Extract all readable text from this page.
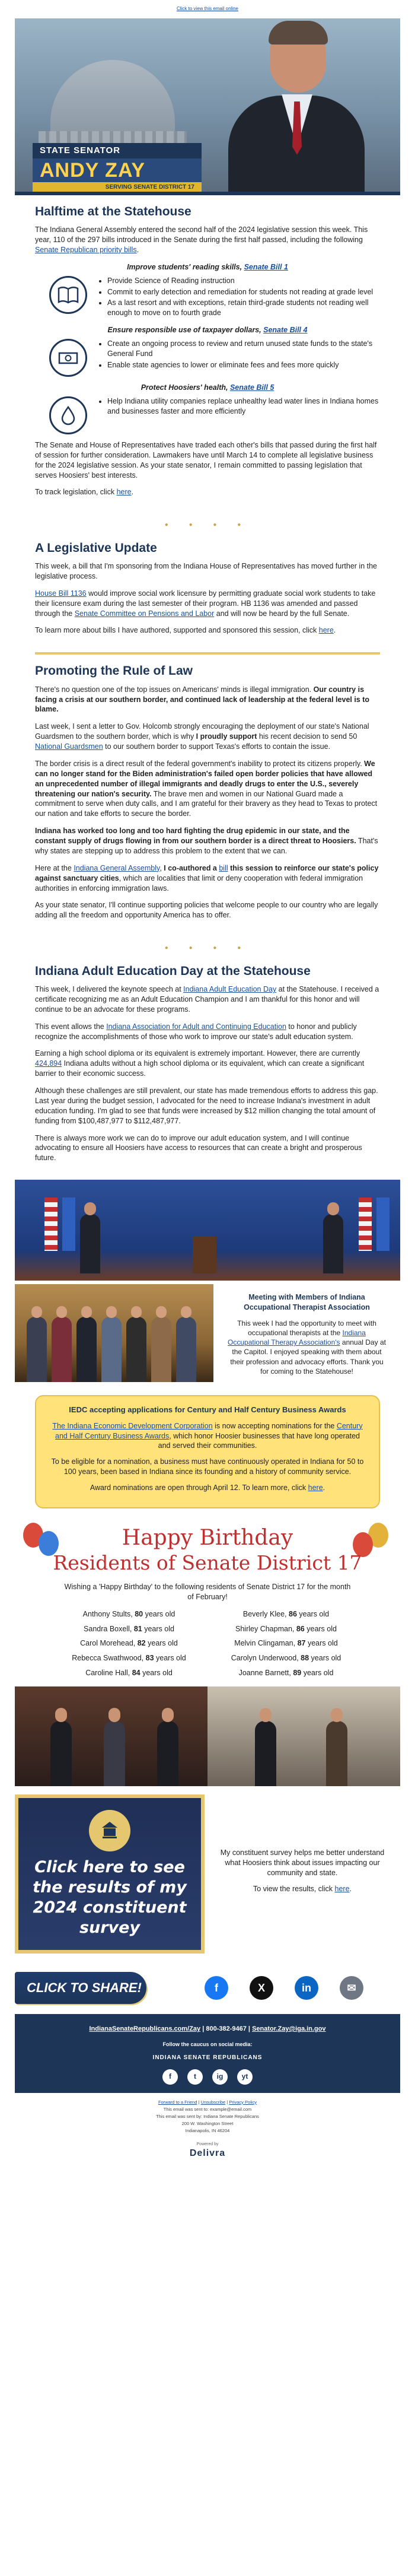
Click to view this email online
STATE SENATOR
ANDY ZAY
SERVING SENATE DISTRICT 17
Halftime at the Statehouse

The Indiana General Assembly entered the second half of the 2024 legislative session this week. This year, 110 of the 297 bills introduced in the Senate during the first half passed, including the following Senate Republican priority bills.

Improve students' reading skills, Senate Bill 1
• Provide Science of Reading instruction
• Commit to early detection and remediation for students not reading at grade level
• As a last resort and with exceptions, retain third-grade students not reading well enough to move on to fourth grade
Ensure responsible use of taxpayer dollars, Senate Bill 4
• Create an ongoing process to review and return unused state funds to the state's General Fund
• Enable state agencies to lower or eliminate fees and fees more quickly
Protect Hoosiers' health, Senate Bill 5
• Help Indiana utility companies replace unhealthy lead water lines in Indiana homes and businesses faster and more efficiently

The Senate and House of Representatives have traded each other's bills that passed during the first half of session for further consideration. Lawmakers have until March 14 to complete all legislative business for the 2024 legislative session. As your state senator, I remain committed to passing legislation that serves Hoosiers' best interests.

To track legislation, click here.

● ● ● ●
A Legislative Update

This week, a bill that I'm sponsoring from the Indiana House of Representatives has moved further in the legislative process.

House Bill 1136 would improve social work licensure by permitting graduate social work students to take their licensure exam during the last semester of their program. HB 1136 was amended and passed through the Senate Committee on Pensions and Labor and will now be heard by the full Senate.

To learn more about bills I have authored, supported and sponsored this session, click here.

Promoting the Rule of Law

There's no question one of the top issues on Americans' minds is illegal immigration. Our country is facing a crisis at our southern border, and continued lack of leadership at the federal level is to blame.

Last week, I sent a letter to Gov. Holcomb strongly encouraging the deployment of our state's National Guardsmen to the southern border, which is why I proudly support his recent decision to send 50 National Guardsmen to our southern border to support Texas's efforts to contain the issue.

The border crisis is a direct result of the federal government's inability to protect its citizens properly. We can no longer stand for the Biden administration's failed open border policies that have allowed an unprecedented number of illegal immigrants and deadly drugs to enter the U.S., severely threatening our nation's security. The brave men and women in our National Guard made a commitment to serve when duty calls, and I am grateful for their bravery as they head to Texas to protect our nation and take efforts to secure the border.

Indiana has worked too long and too hard fighting the drug epidemic in our state, and the constant supply of drugs flowing in from our southern border is a direct threat to Hoosiers. That's why states are stepping up to address this problem to the extent that we can.

Here at the Indiana General Assembly, I co-authored a bill this session to reinforce our state's policy against sanctuary cities, which are localities that limit or deny cooperation with federal immigration authorities in enforcing immigration laws.

As your state senator, I'll continue supporting policies that welcome people to our country who are legally adding all the freedom and opportunity America has to offer.

● ● ● ●
Indiana Adult Education Day at the Statehouse

This week, I delivered the keynote speech at Indiana Adult Education Day at the Statehouse. I received a certificate recognizing me as an Adult Education Champion and I am thankful for this honor and will continue to be an advocate for these programs.

This event allows the Indiana Association for Adult and Continuing Education to honor and publicly recognize the accomplishments of those who work to improve our state's adult education system.

Earning a high school diploma or its equivalent is extremely important. However, there are currently 424,894 Indiana adults without a high school diploma or its equivalent, which can create a significant barrier to their economic success.

Although these challenges are still prevalent, our state has made tremendous efforts to address this gap. Last year during the budget session, I advocated for the need to increase Indiana's investment in adult education funding. I'm glad to see that funds were increased by $12 million changing the total amount of funding from $100,487,977 to $112,487,977.

There is always more work we can do to improve our adult education system, and I will continue advocating to ensure all Hoosiers have access to resources that can create a bright and prosperous future.

Meeting with Members of Indiana Occupational Therapist Association

This week I had the opportunity to meet with occupational therapists at the Indiana Occupational Therapy Association's annual Day at the Capitol. I enjoyed speaking with them about their profession and advocacy efforts. Thank you for coming to the Statehouse!

IEDC accepting applications for Century and Half Century Business Awards

The Indiana Economic Development Corporation is now accepting nominations for the Century and Half Century Business Awards, which honor Hoosier businesses that have long operated and served their communities.

To be eligible for a nomination, a business must have continuously operated in Indiana for 50 to 100 years, been based in Indiana since its founding and a history of community service.

Award nominations are open through April 12. To learn more, click here.

Happy Birthday
Residents of Senate District 17
Wishing a 'Happy Birthday' to the following residents of Senate District 17 for the month of February!
Anthony Stults, 80 years old	Beverly Klee, 86 years old
Sandra Boxell, 81 years old	Shirley Chapman, 86 years old
Carol Morehead, 82 years old	Melvin Clingaman, 87 years old
Rebecca Swathwood, 83 years old	Carolyn Underwood, 88 years old
Caroline Hall, 84 years old	Joanne Barnett, 89 years old
Click here to see the results of my 2024 constituent survey

My constituent survey helps me better understand what Hoosiers think about issues impacting our community and state.

To view the results, click here.

CLICK TO SHARE!	f	X	in	✉
IndianaSenateRepublicans.com/Zay | 800-382-9467 | Senator.Zay@iga.in.gov
Follow the caucus on social media:
INDIANA SENATE REPUBLICANS
f	t	ig	yt
Forward to a Friend | Unsubscribe | Privacy Policy
This email was sent to: example@email.com
This email was sent by: Indiana Senate Republicans
200 W. Washington Street
Indianapolis, IN 46204
Powered by
Delivra
